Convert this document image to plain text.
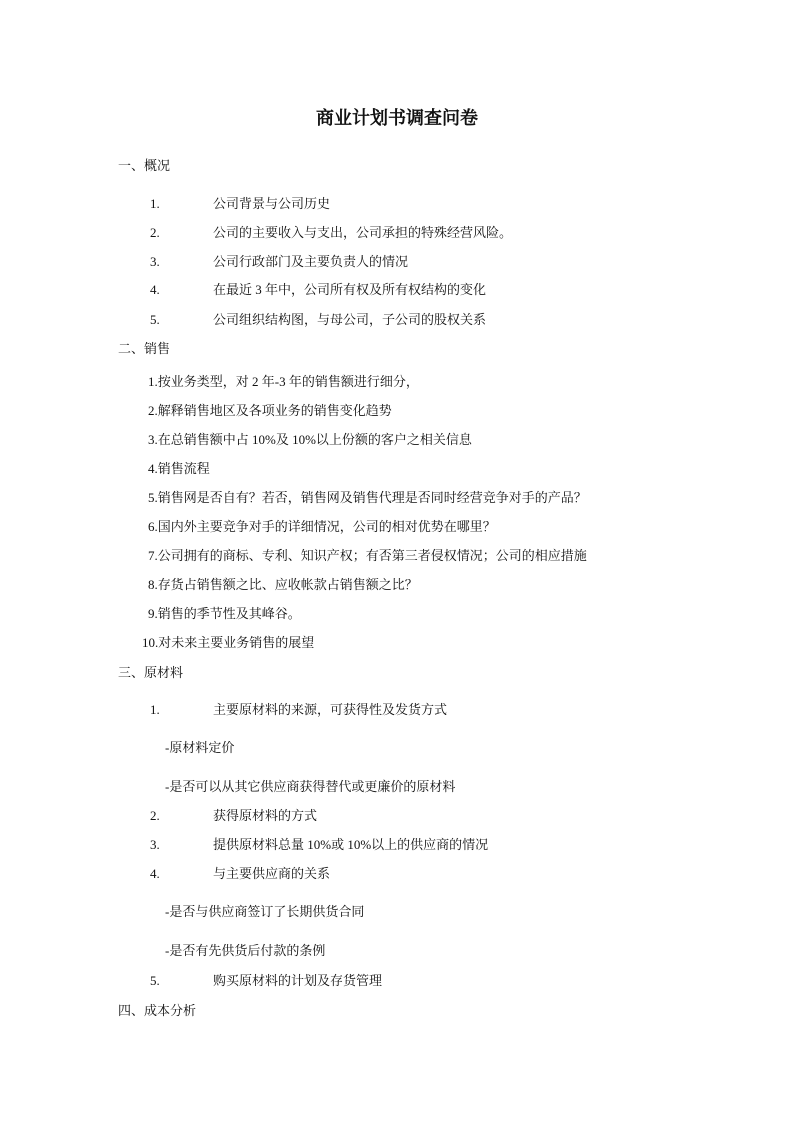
商业计划书调查问卷
一、概况
1.	公司背景与公司历史
2.	公司的主要收入与支出，公司承担的特殊经营风险。
3.	公司行政部门及主要负责人的情况
4.	在最近 3 年中，公司所有权及所有权结构的变化
5.	公司组织结构图，与母公司，子公司的股权关系
二、销售
1.按业务类型，对 2 年-3 年的销售额进行细分，
2.解释销售地区及各项业务的销售变化趋势
3.在总销售额中占 10%及 10%以上份额的客户之相关信息
4.销售流程
5.销售网是否自有？若否，销售网及销售代理是否同时经营竞争对手的产品？
6.国内外主要竞争对手的详细情况，公司的相对优势在哪里？
7.公司拥有的商标、专利、知识产权；有否第三者侵权情况；公司的相应措施
8.存货占销售额之比、应收帐款占销售额之比？
9.销售的季节性及其峰谷。
10.对未来主要业务销售的展望
三、原材料
1.	主要原材料的来源，可获得性及发货方式
-原材料定价
-是否可以从其它供应商获得替代或更廉价的原材料
2.	获得原材料的方式
3.	提供原材料总量 10%或 10%以上的供应商的情况
4.	与主要供应商的关系
-是否与供应商签订了长期供货合同
-是否有先供货后付款的条例
5.	购买原材料的计划及存货管理
四、成本分析
